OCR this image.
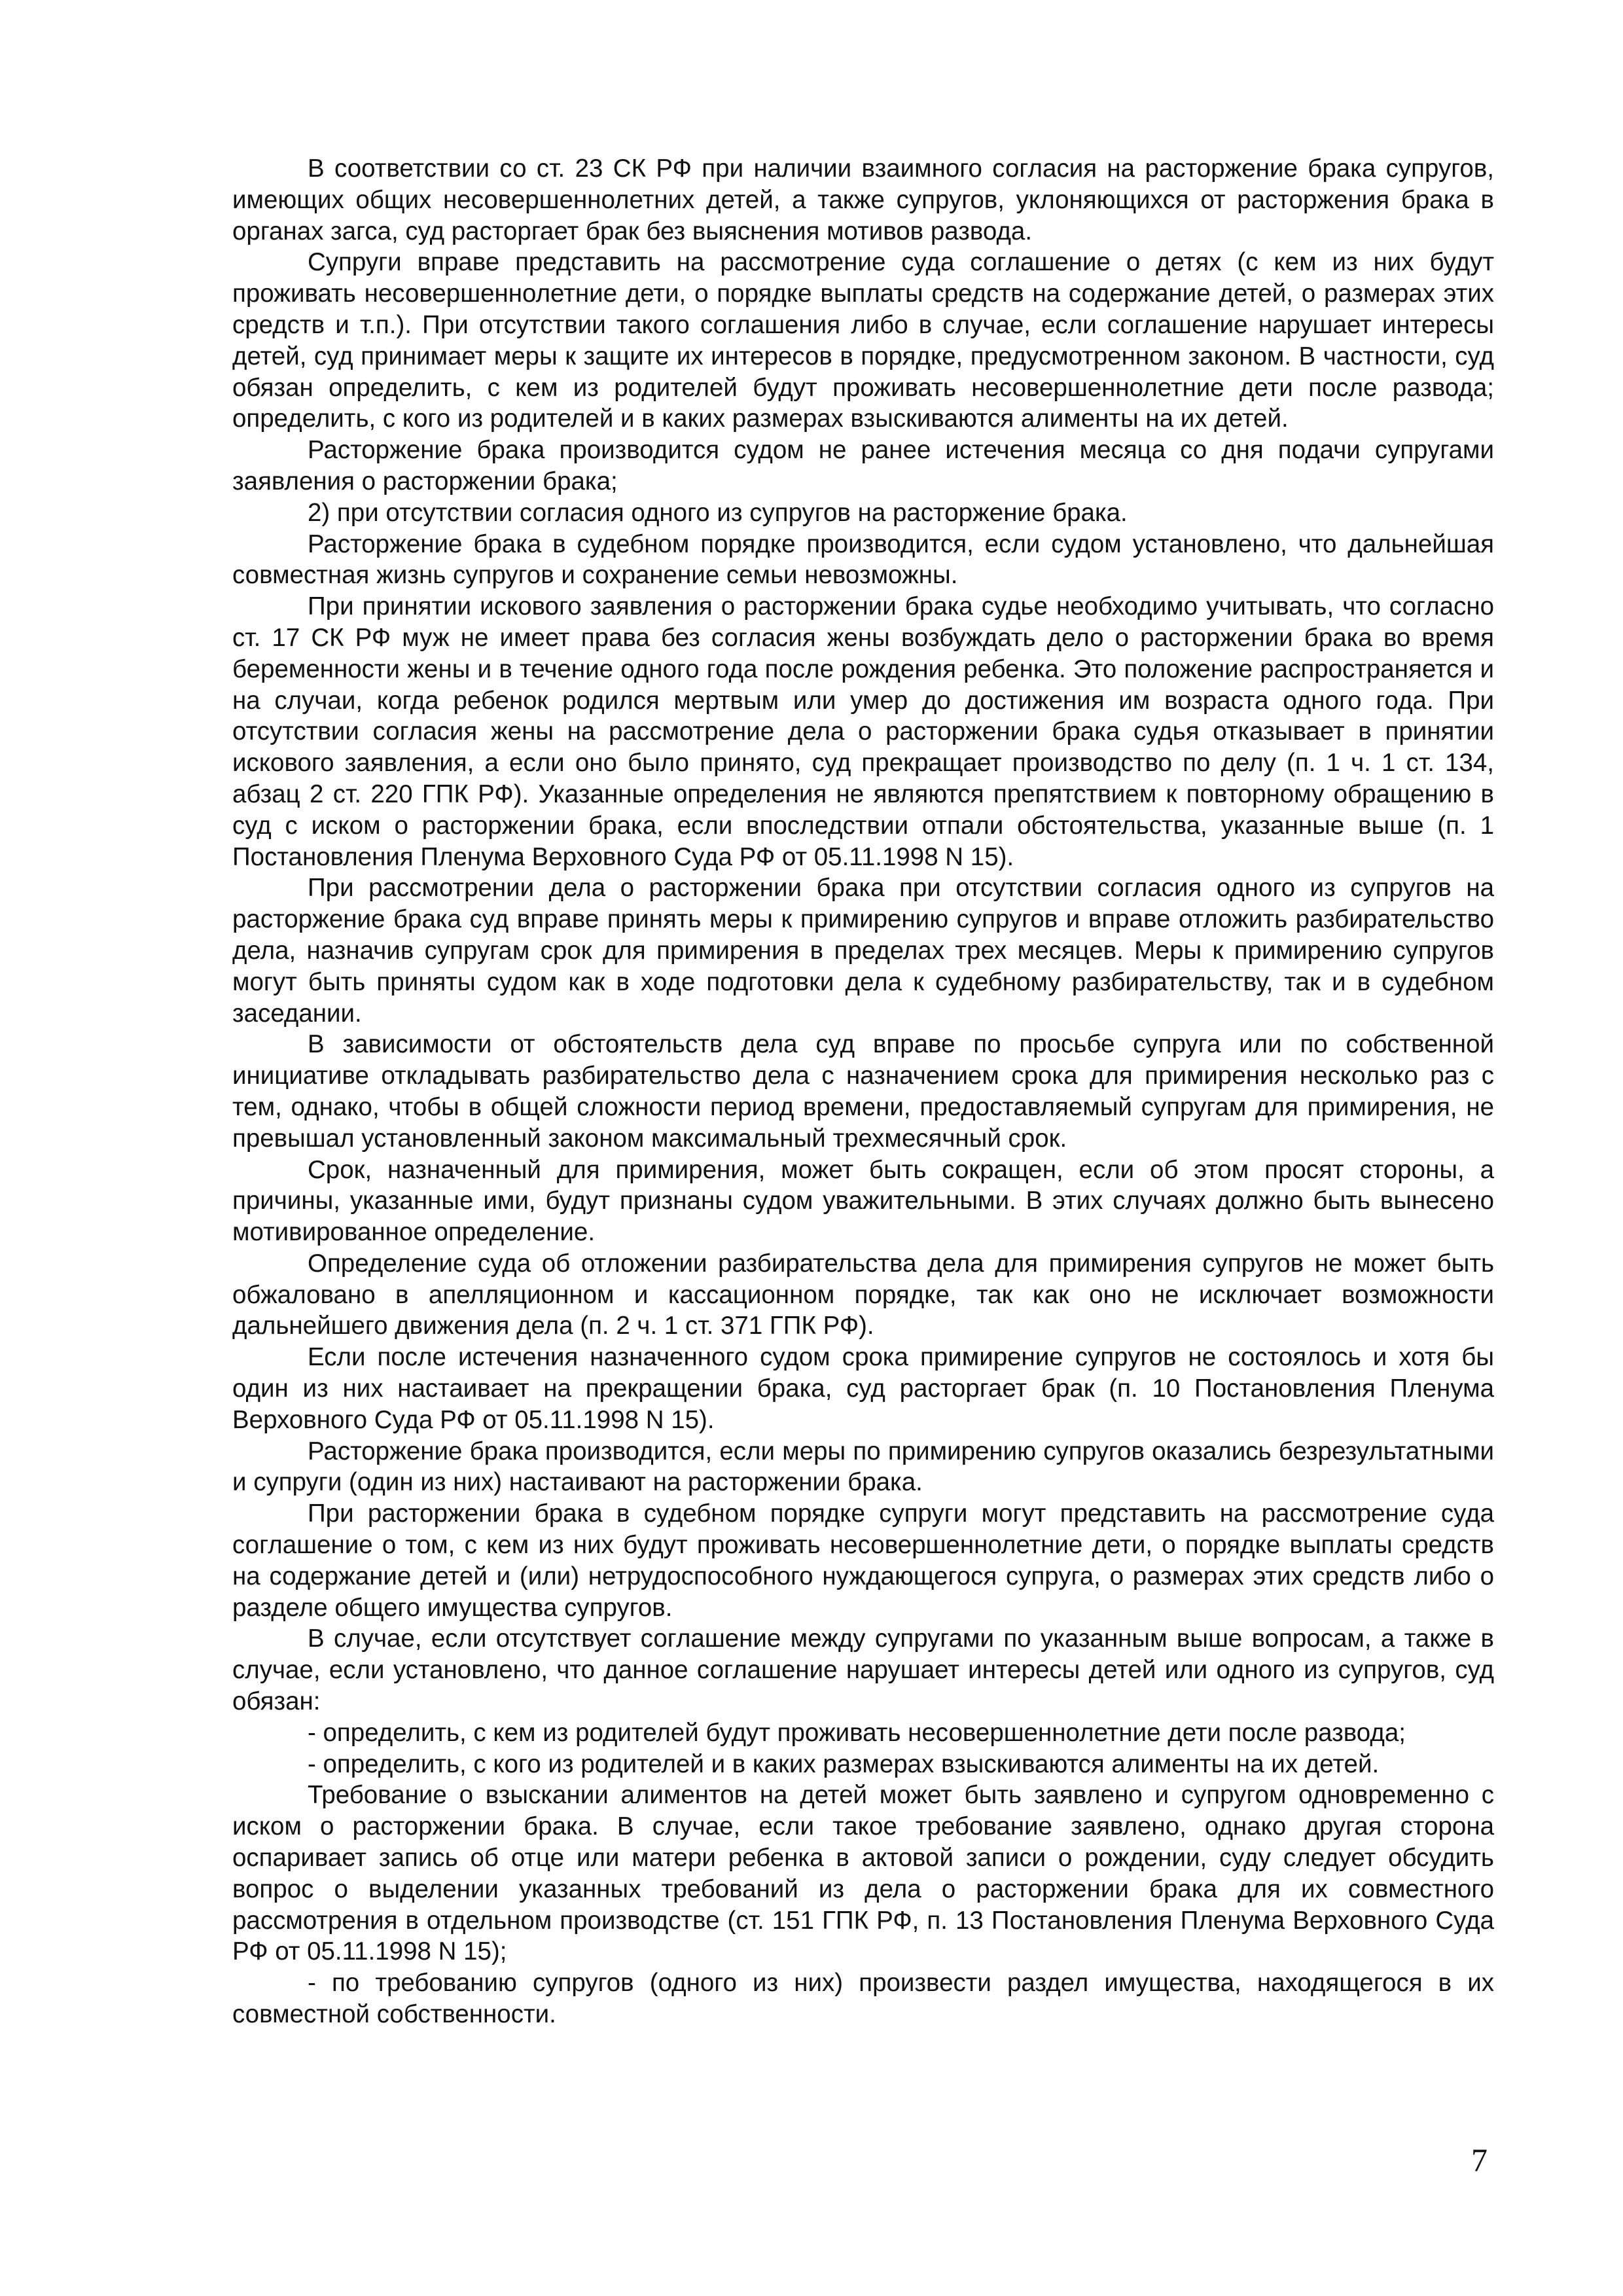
В соответствии со ст. 23 СК РФ при наличии взаимного согласия на расторжение брака супругов, имеющих общих несовершеннолетних детей, а также супругов, уклоняющихся от расторжения брака в органах загса, суд расторгает брак без выяснения мотивов развода.

Супруги вправе представить на рассмотрение суда соглашение о детях (с кем из них будут проживать несовершеннолетние дети, о порядке выплаты средств на содержание детей, о размерах этих средств и т.п.). При отсутствии такого соглашения либо в случае, если соглашение нарушает интересы детей, суд принимает меры к защите их интересов в порядке, предусмотренном законом. В частности, суд обязан определить, с кем из родителей будут проживать несовершеннолетние дети после развода; определить, с кого из родителей и в каких размерах взыскиваются алименты на их детей.

Расторжение брака производится судом не ранее истечения месяца со дня подачи супругами заявления о расторжении брака;

2) при отсутствии согласия одного из супругов на расторжение брака.

Расторжение брака в судебном порядке производится, если судом установлено, что дальнейшая совместная жизнь супругов и сохранение семьи невозможны.

При принятии искового заявления о расторжении брака судье необходимо учитывать, что согласно ст. 17 СК РФ муж не имеет права без согласия жены возбуждать дело о расторжении брака во время беременности жены и в течение одного года после рождения ребенка. Это положение распространяется и на случаи, когда ребенок родился мертвым или умер до достижения им возраста одного года. При отсутствии согласия жены на рассмотрение дела о расторжении брака судья отказывает в принятии искового заявления, а если оно было принято, суд прекращает производство по делу (п. 1 ч. 1 ст. 134, абзац 2 ст. 220 ГПК РФ). Указанные определения не являются препятствием к повторному обращению в суд с иском о расторжении брака, если впоследствии отпали обстоятельства, указанные выше (п. 1 Постановления Пленума Верховного Суда РФ от 05.11.1998 N 15).

При рассмотрении дела о расторжении брака при отсутствии согласия одного из супругов на расторжение брака суд вправе принять меры к примирению супругов и вправе отложить разбирательство дела, назначив супругам срок для примирения в пределах трех месяцев. Меры к примирению супругов могут быть приняты судом как в ходе подготовки дела к судебному разбирательству, так и в судебном заседании.

В зависимости от обстоятельств дела суд вправе по просьбе супруга или по собственной инициативе откладывать разбирательство дела с назначением срока для примирения несколько раз с тем, однако, чтобы в общей сложности период времени, предоставляемый супругам для примирения, не превышал установленный законом максимальный трехмесячный срок.

Срок, назначенный для примирения, может быть сокращен, если об этом просят стороны, а причины, указанные ими, будут признаны судом уважительными. В этих случаях должно быть вынесено мотивированное определение.

Определение суда об отложении разбирательства дела для примирения супругов не может быть обжаловано в апелляционном и кассационном порядке, так как оно не исключает возможности дальнейшего движения дела (п. 2 ч. 1 ст. 371 ГПК РФ).

Если после истечения назначенного судом срока примирение супругов не состоялось и хотя бы один из них настаивает на прекращении брака, суд расторгает брак (п. 10 Постановления Пленума Верховного Суда РФ от 05.11.1998 N 15).

Расторжение брака производится, если меры по примирению супругов оказались безрезультатными и супруги (один из них) настаивают на расторжении брака.

При расторжении брака в судебном порядке супруги могут представить на рассмотрение суда соглашение о том, с кем из них будут проживать несовершеннолетние дети, о порядке выплаты средств на содержание детей и (или) нетрудоспособного нуждающегося супруга, о размерах этих средств либо о разделе общего имущества супругов.

В случае, если отсутствует соглашение между супругами по указанным выше вопросам, а также в случае, если установлено, что данное соглашение нарушает интересы детей или одного из супругов, суд обязан:

- определить, с кем из родителей будут проживать несовершеннолетние дети после развода;

- определить, с кого из родителей и в каких размерах взыскиваются алименты на их детей.

Требование о взыскании алиментов на детей может быть заявлено и супругом одновременно с иском о расторжении брака. В случае, если такое требование заявлено, однако другая сторона оспаривает запись об отце или матери ребенка в актовой записи о рождении, суду следует обсудить вопрос о выделении указанных требований из дела о расторжении брака для их совместного рассмотрения в отдельном производстве (ст. 151 ГПК РФ, п. 13 Постановления Пленума Верховного Суда РФ от 05.11.1998 N 15);

- по требованию супругов (одного из них) произвести раздел имущества, находящегося в их совместной собственности.

7
